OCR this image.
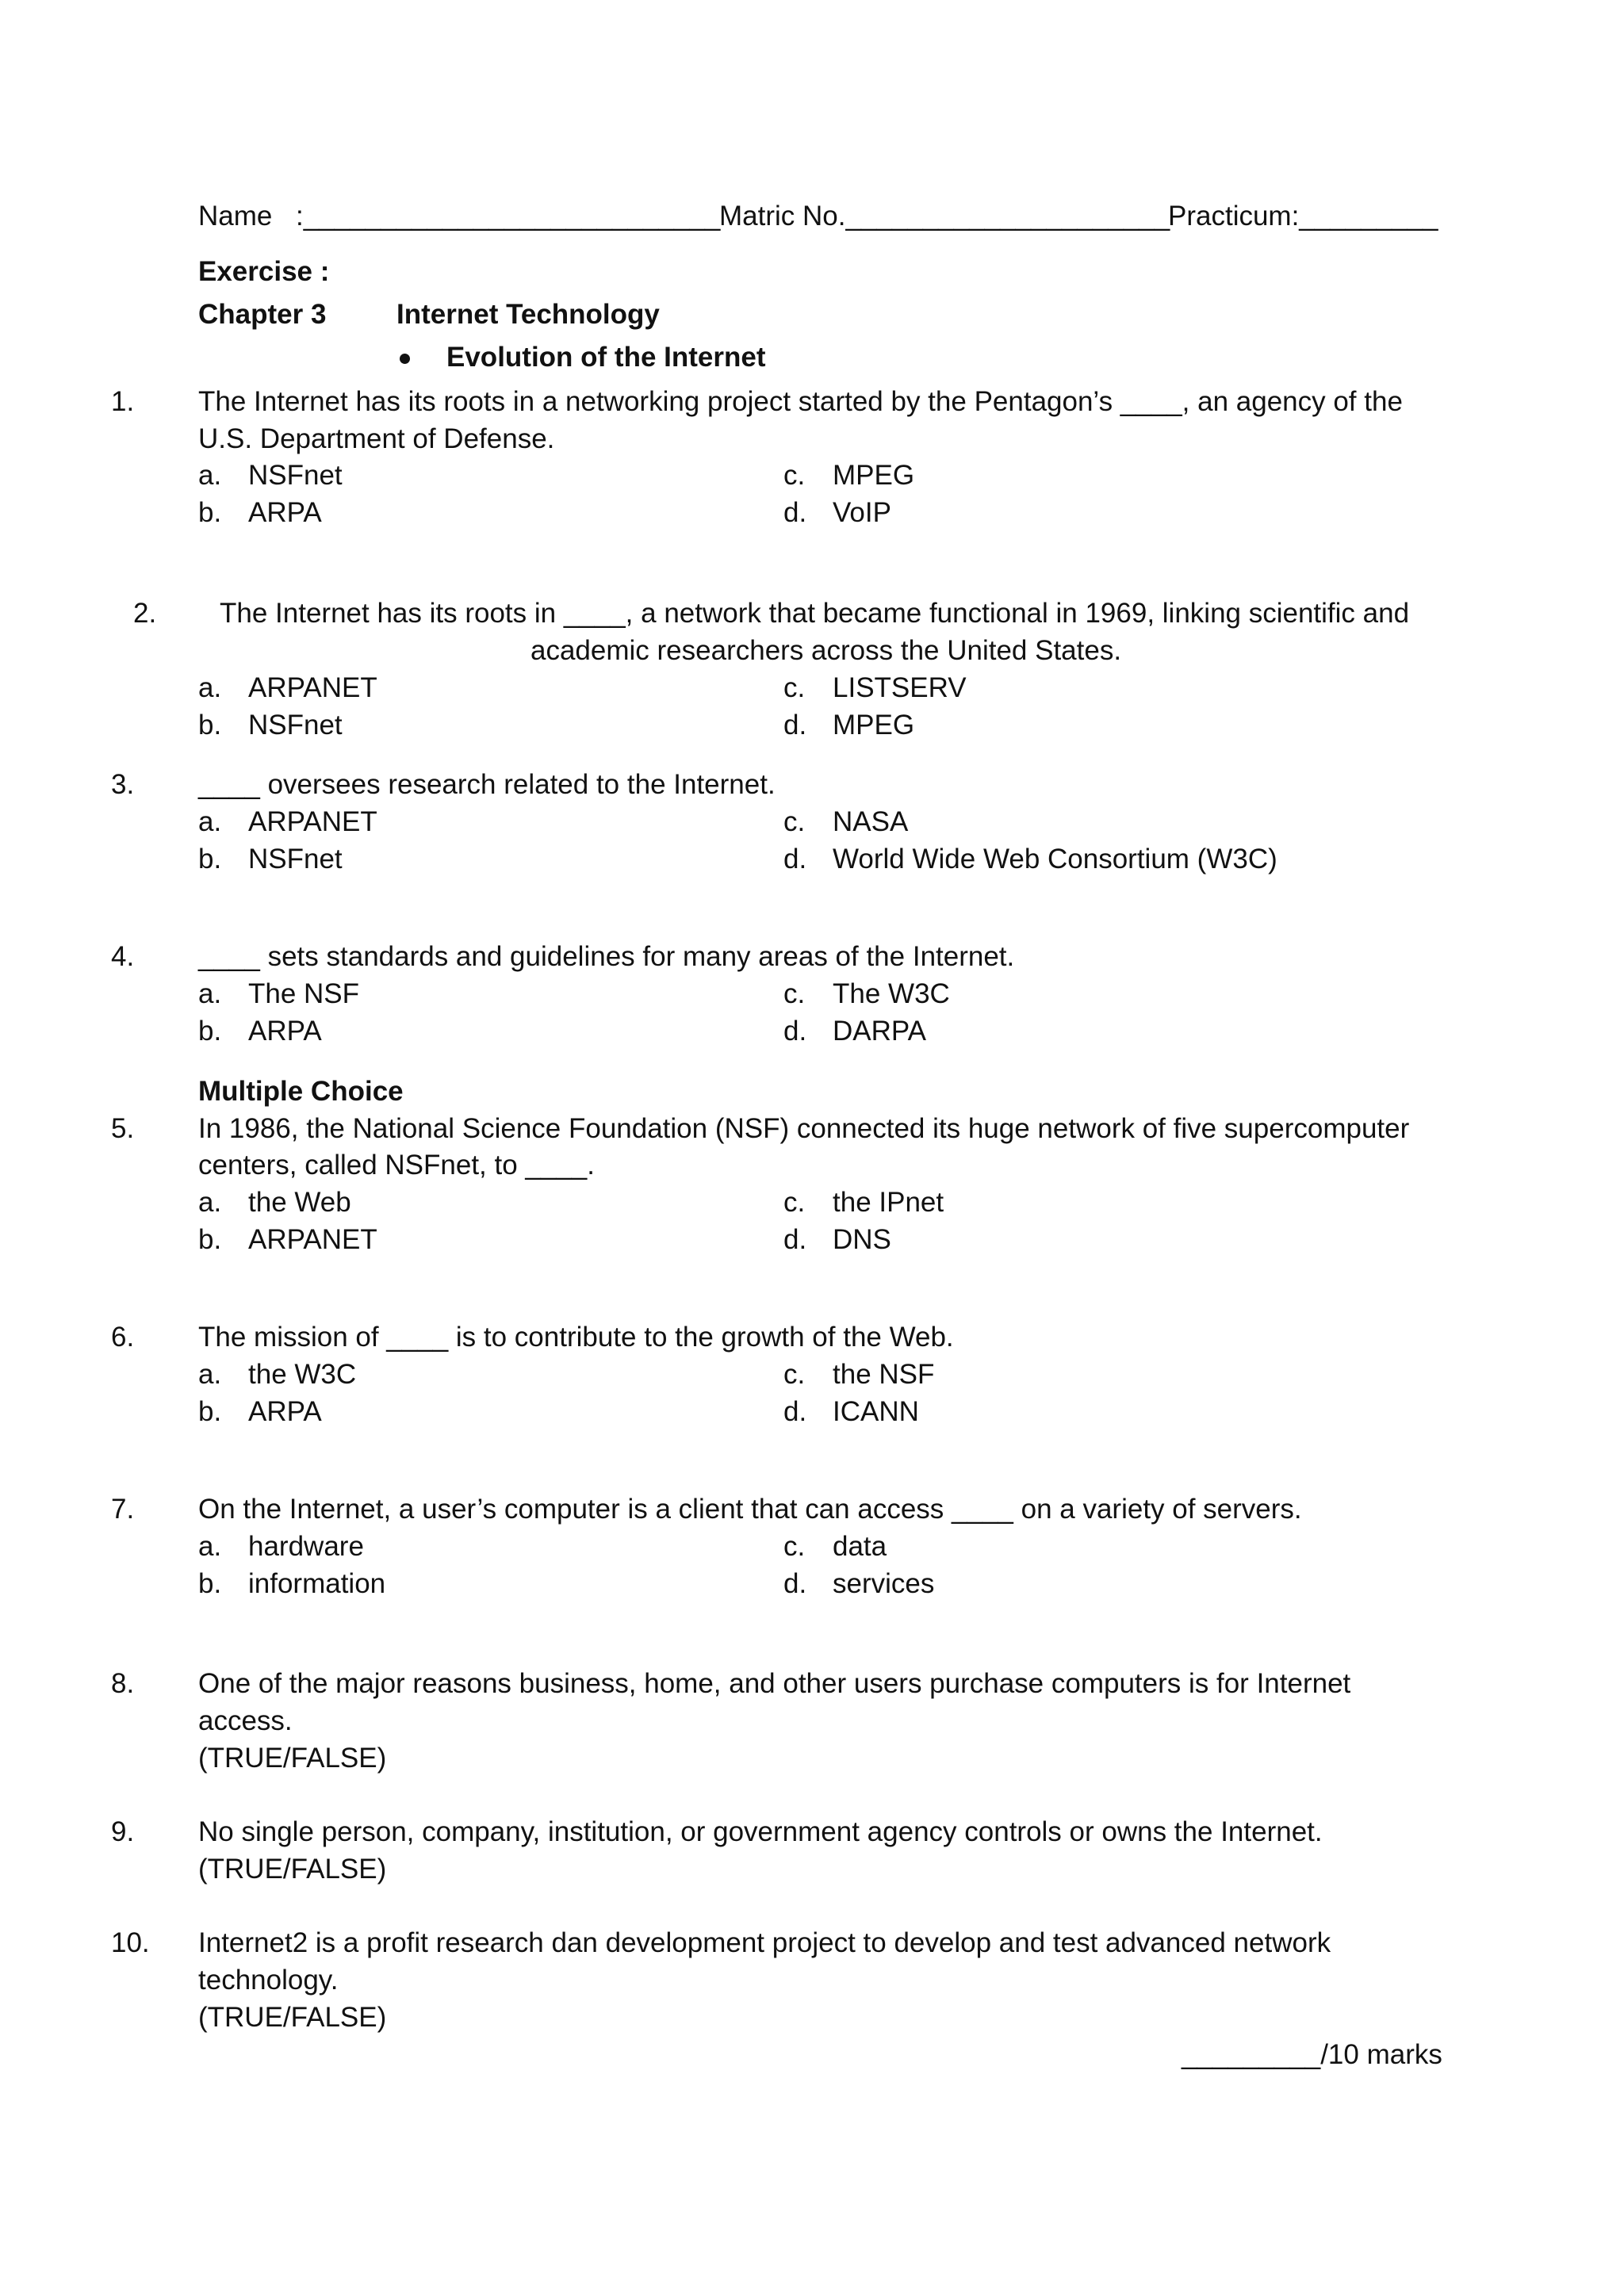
Name :___________________________
Matric No._____________________
Practicum:_________
Exercise :
Chapter 3	Internet Technology
Evolution of the Internet
1. The Internet has its roots in a networking project started by the Pentagon’s ____, an agency of the
U.S. Department of Defense.
a. NSFnet
b. ARPA
c. MPEG
d. VoIP
2. The Internet has its roots in ____, a network that became functional in 1969, linking scientific and
academic researchers across the United States.
a. ARPANET
b. NSFnet
c. LISTSERV
d. MPEG
3. ____ oversees research related to the Internet.
a. ARPANET
b. NSFnet
c. NASA
d. World Wide Web Consortium (W3C)
4. ____ sets standards and guidelines for many areas of the Internet.
a. The NSF
b. ARPA
c. The W3C
d. DARPA
Multiple Choice
5. In 1986, the National Science Foundation (NSF) connected its huge network of five supercomputer
centers, called NSFnet, to ____.
a. the Web
b. ARPANET
c. the IPnet
d. DNS
6. The mission of ____ is to contribute to the growth of the Web.
a. the W3C
b. ARPA
c. the NSF
d. ICANN
7. On the Internet, a user’s computer is a client that can access ____ on a variety of servers.
a. hardware
b. information
c. data
d. services
8. One of the major reasons business, home, and other users purchase computers is for Internet
access.
(TRUE/FALSE)
9. No single person, company, institution, or government agency controls or owns the Internet.
(TRUE/FALSE)
10. Internet2 is a profit research dan development project to develop and test advanced network
technology.
(TRUE/FALSE)
_________/10 marks
